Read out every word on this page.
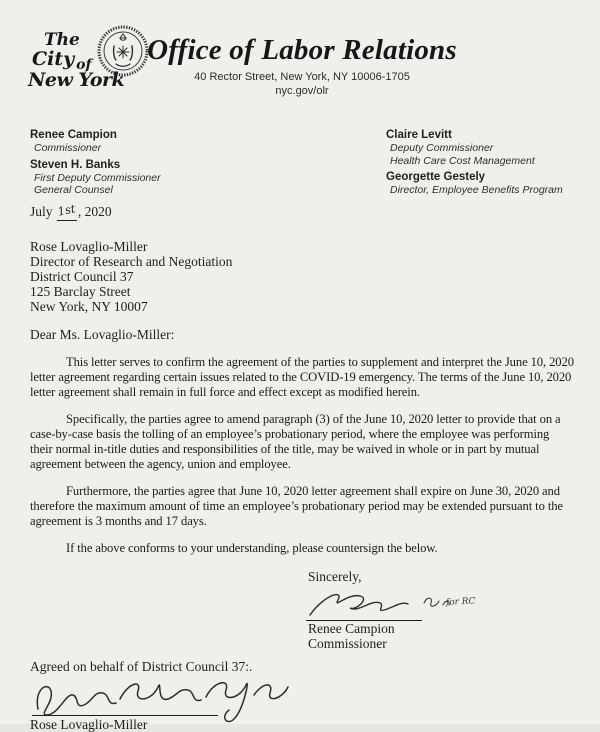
The
City of
New York
Office of Labor Relations
40 Rector Street, New York, NY 10006-1705
nyc.gov/olr
Renee Campion
Commissioner
Steven H. Banks
First Deputy Commissioner
General Counsel
Claire Levitt
Deputy Commissioner
Health Care Cost Management
Georgette Gestely
Director, Employee Benefits Program
July 1st, 2020
Rose Lovaglio-Miller
Director of Research and Negotiation
District Council 37
125 Barclay Street
New York, NY 10007
Dear Ms. Lovaglio-Miller:

This letter serves to confirm the agreement of the parties to supplement and interpret the June 10, 2020 letter agreement regarding certain issues related to the COVID-19 emergency. The terms of the June 10, 2020 letter agreement shall remain in full force and effect except as modified herein.

Specifically, the parties agree to amend paragraph (3) of the June 10, 2020 letter to provide that on a case-by-case basis the tolling of an employee’s probationary period, where the employee was performing their normal in-title duties and responsibilities of the title, may be waived in whole or in part by mutual agreement between the agency, union and employee.

Furthermore, the parties agree that June 10, 2020 letter agreement shall expire on June 30, 2020 and therefore the maximum amount of time an employee’s probationary period may be extended pursuant to the agreement is 3 months and 17 days.

If the above conforms to your understanding, please countersign the below.

Sincerely,
for RC
Renee Campion
Commissioner
Agreed on behalf of District Council 37:.
Rose Lovaglio-Miller
